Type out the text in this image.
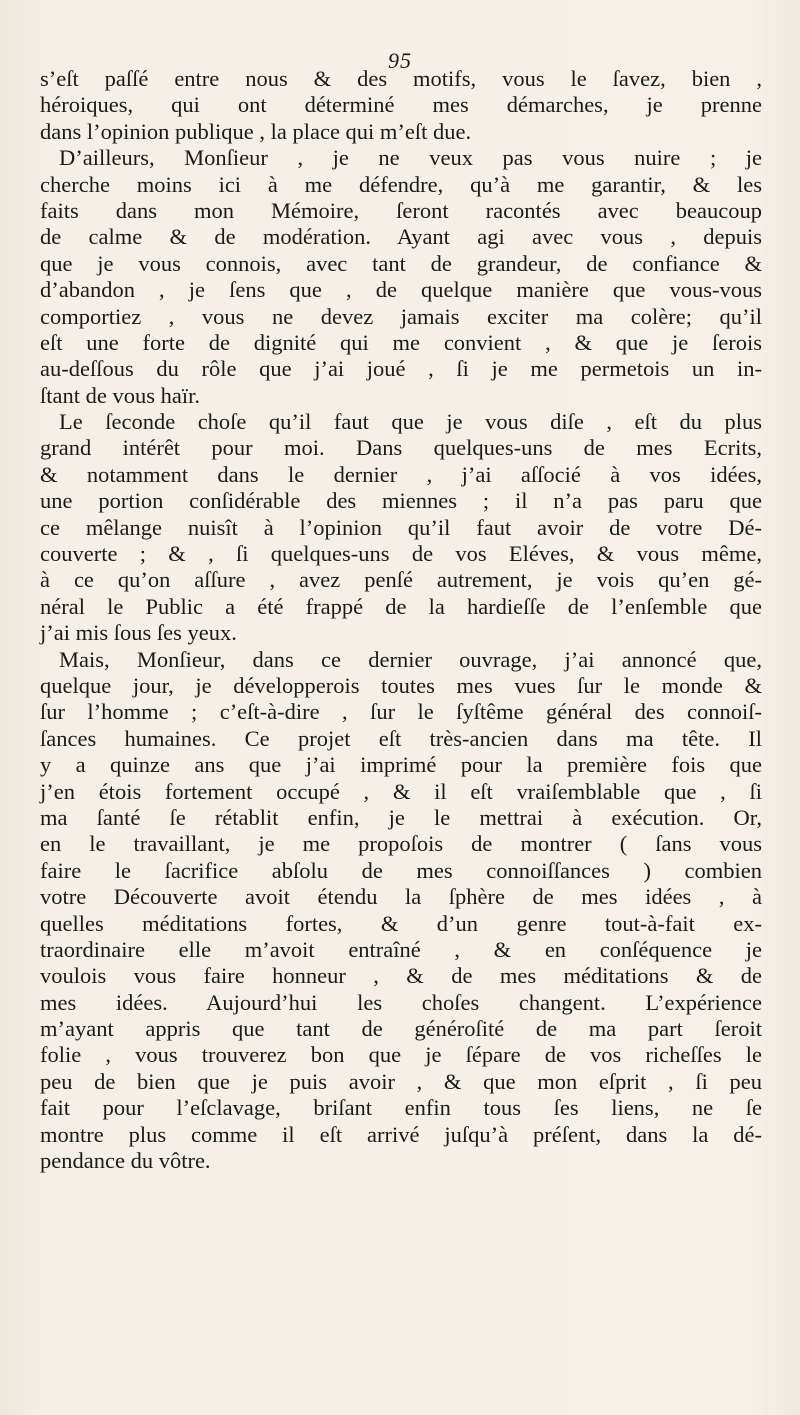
95
s’eſt paſſé entre nous & des motifs, vous le ſavez, bien ,
héroiques, qui ont déterminé mes démarches, je prenne
dans l’opinion publique , la place qui m’eſt due.
D’ailleurs, Monſieur , je ne veux pas vous nuire ; je
cherche moins ici à me défendre, qu’à me garantir, & les
faits dans mon Mémoire, ſeront racontés avec beaucoup
de calme & de modération. Ayant agi avec vous , depuis
que je vous connois, avec tant de grandeur, de confiance &
d’abandon , je ſens que , de quelque manière que vous-vous
comportiez , vous ne devez jamais exciter ma colère; qu’il
eſt une forte de dignité qui me convient , & que je ſerois
au-deſſous du rôle que j’ai joué , ſi je me permetois un in-
ſtant de vous haïr.
Le ſeconde choſe qu’il faut que je vous diſe , eſt du plus
grand intérêt pour moi. Dans quelques-uns de mes Ecrits,
& notamment dans le dernier , j’ai aſſocié à vos idées,
une portion conſidérable des miennes ; il n’a pas paru que
ce mêlange nuisît à l’opinion qu’il faut avoir de votre Dé-
couverte ; & , ſi quelques-uns de vos Eléves, & vous même,
à ce qu’on aſſure , avez penſé autrement, je vois qu’en gé-
néral le Public a été frappé de la hardieſſe de l’enſemble que
j’ai mis ſous ſes yeux.
Mais, Monſieur, dans ce dernier ouvrage, j’ai annoncé que,
quelque jour, je développerois toutes mes vues ſur le monde &
ſur l’homme ; c’eſt-à-dire , ſur le ſyſtême général des connoiſ-
ſances humaines. Ce projet eſt très-ancien dans ma tête. Il
y a quinze ans que j’ai imprimé pour la première fois que
j’en étois fortement occupé , & il eſt vraiſemblable que , ſi
ma ſanté ſe rétablit enfin, je le mettrai à exécution. Or,
en le travaillant, je me propoſois de montrer ( ſans vous
faire le ſacrifice abſolu de mes connoiſſances ) combien
votre Découverte avoit étendu la ſphère de mes idées , à
quelles méditations fortes, & d’un genre tout-à-fait ex-
traordinaire elle m’avoit entraîné , & en conſéquence je
voulois vous faire honneur , & de mes méditations & de
mes idées. Aujourd’hui les choſes changent. L’expérience
m’ayant appris que tant de généroſité de ma part ſeroit
folie , vous trouverez bon que je ſépare de vos richeſſes le
peu de bien que je puis avoir , & que mon eſprit , ſi peu
fait pour l’eſclavage, briſant enfin tous ſes liens, ne ſe
montre plus comme il eſt arrivé juſqu’à préſent, dans la dé-
pendance du vôtre.
